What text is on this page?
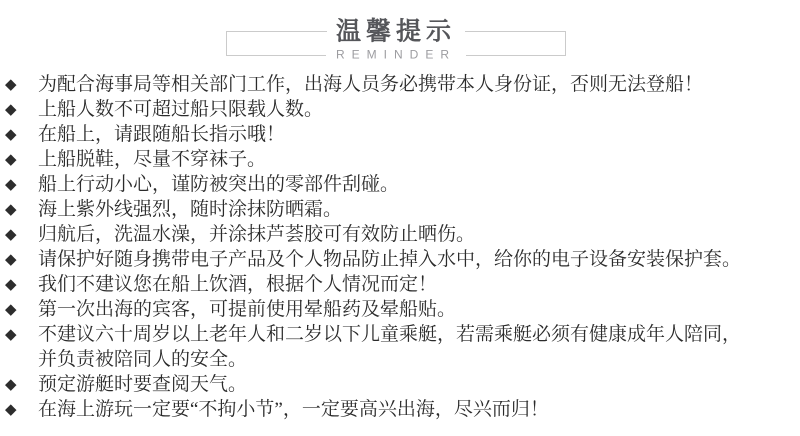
温馨提示
REMINDER
◆	为配合海事局等相关部门工作，出海人员务必携带本人身份证，否则无法登船！
◆	上船人数不可超过船只限载人数。
◆	在船上，请跟随船长指示哦！
◆	上船脱鞋，尽量不穿袜子。
◆	船上行动小心，谨防被突出的零部件刮碰。
◆	海上紫外线强烈，随时涂抹防晒霜。
◆	归航后，洗温水澡，并涂抹芦荟胶可有效防止晒伤。
◆	请保护好随身携带电子产品及个人物品防止掉入水中，给你的电子设备安装保护套。
◆	我们不建议您在船上饮酒，根据个人情况而定！
◆	第一次出海的宾客，可提前使用晕船药及晕船贴。
◆	不建议六十周岁以上老年人和二岁以下儿童乘艇，若需乘艇必须有健康成年人陪同，
并负责被陪同人的安全。
◆	预定游艇时要查阅天气。
◆	在海上游玩一定要“不拘小节”，一定要高兴出海，尽兴而归！
